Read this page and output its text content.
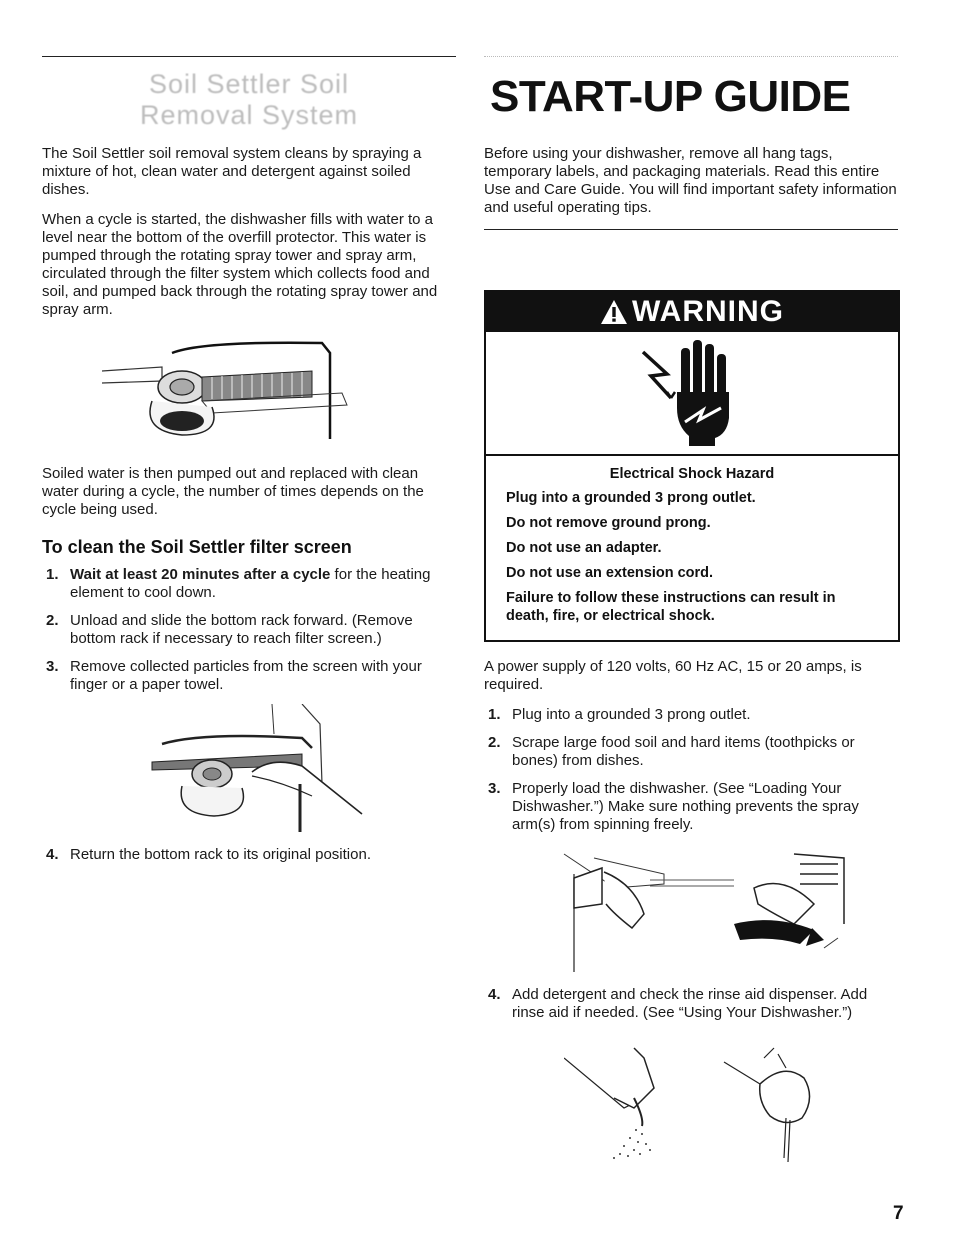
Soil Settler Soil
Removal System

The Soil Settler soil removal system cleans by spraying a mixture of hot, clean water and detergent against soiled dishes.

When a cycle is started, the dishwasher fills with water to a level near the bottom of the overfill protector. This water is pumped through the rotating spray tower and spray arm, circulated through the filter system which collects food and soil, and pumped back through the rotating spray tower and spray arm.

Soiled water is then pumped out and replaced with clean water during a cycle, the number of times depends on the cycle being used.

To clean the Soil Settler filter screen
1. Wait at least 20 minutes after a cycle for the heating element to cool down.
2. Unload and slide the bottom rack forward. (Remove bottom rack if necessary to reach filter screen.)
3. Remove collected particles from the screen with your finger or a paper towel.
4. Return the bottom rack to its original position.
START-UP GUIDE

Before using your dishwasher, remove all hang tags, temporary labels, and packaging materials. Read this entire Use and Care Guide. You will find important safety information and useful operating tips.

WARNING
Electrical Shock Hazard
Plug into a grounded 3 prong outlet.
Do not remove ground prong.
Do not use an adapter.
Do not use an extension cord.
Failure to follow these instructions can result in death, fire, or electrical shock.

A power supply of 120 volts, 60 Hz AC, 15 or 20 amps, is required.

1. Plug into a grounded 3 prong outlet.
2. Scrape large food soil and hard items (toothpicks or bones) from dishes.
3. Properly load the dishwasher. (See “Loading Your Dishwasher.”) Make sure nothing prevents the spray arm(s) from spinning freely.
4. Add detergent and check the rinse aid dispenser. Add rinse aid if needed. (See “Using Your Dishwasher.”)
7
